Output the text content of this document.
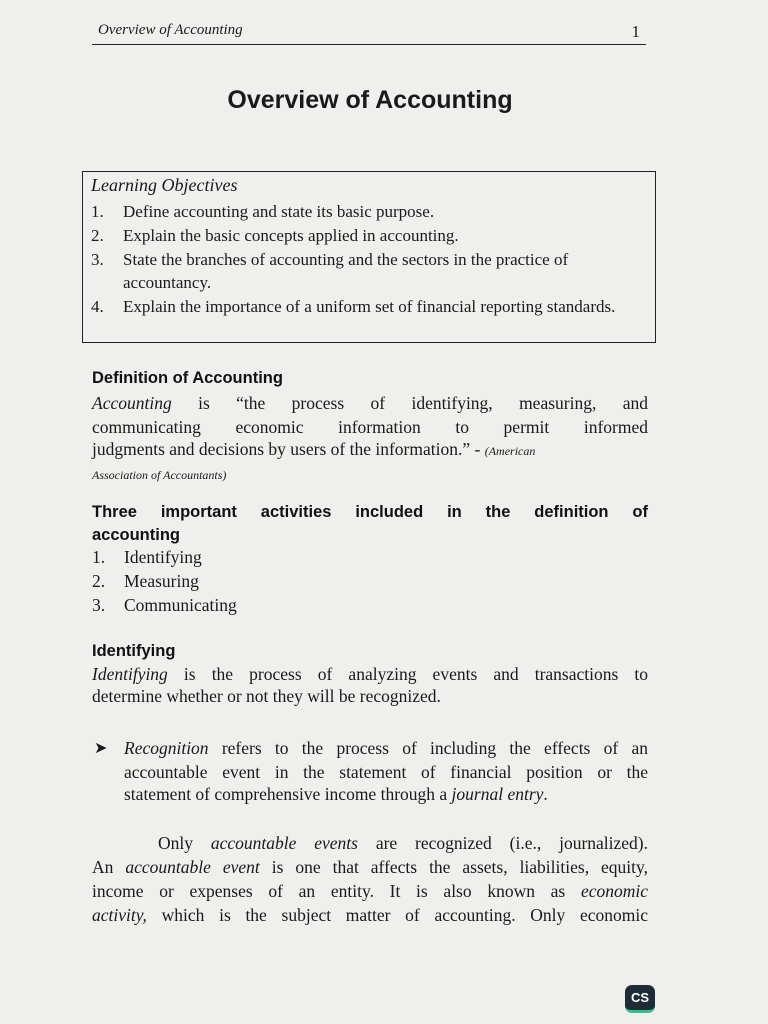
Overview of Accounting	1
Overview of Accounting
Learning Objectives
1. Define accounting and state its basic purpose.
2. Explain the basic concepts applied in accounting.
3. State the branches of accounting and the sectors in the practice of accountancy.
4. Explain the importance of a uniform set of financial reporting standards.
Definition of Accounting
Accounting is “the process of identifying, measuring, and
communicating economic information to permit informed
judgments and decisions by users of the information.” - (American
Association of Accountants)
Three important activities included in the definition of
accounting
1. Identifying
2. Measuring
3. Communicating
Identifying
Identifying is the process of analyzing events and transactions to
determine whether or not they will be recognized.
➤ Recognition refers to the process of including the effects of an
accountable event in the statement of financial position or the
statement of comprehensive income through a journal entry.
Only accountable events are recognized (i.e., journalized).
An accountable event is one that affects the assets, liabilities, equity,
income or expenses of an entity. It is also known as economic
activity, which is the subject matter of accounting. Only economic
CS
